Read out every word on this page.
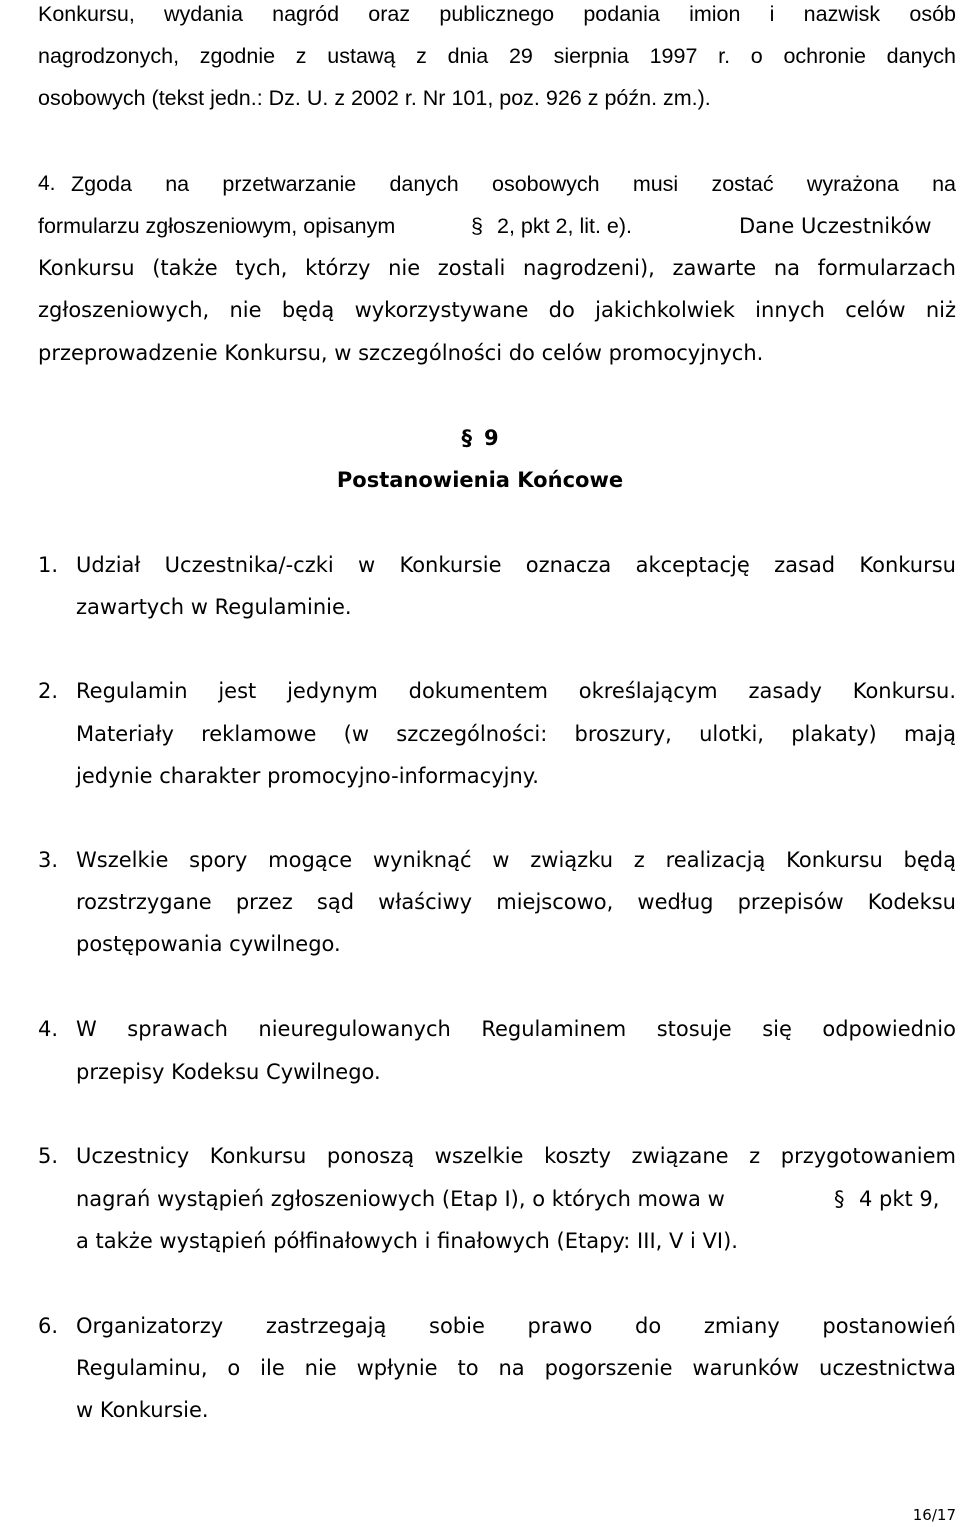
Konkursu, wydania nagród oraz publicznego podania imion i nazwisk osób
nagrodzonych, zgodnie z ustawą z dnia 29 sierpnia 1997 r. o ochronie danych
osobowych (tekst jedn.: Dz. U. z 2002 r. Nr 101, poz. 926 z późn. zm.).
4. Zgoda na przetwarzanie danych osobowych musi zostać wyrażona na
formularzu zgłoszeniowym, opisanym	§ 2, pkt 2, lit. e).	Dane Uczestników
Konkursu (także tych, którzy nie zostali nagrodzeni), zawarte na formularzach
zgłoszeniowych, nie będą wykorzystywane do jakichkolwiek innych celów niż
przeprowadzenie Konkursu, w szczególności do celów promocyjnych.
§ 9
Postanowienia Końcowe
1. Udział Uczestnika/-czki w Konkursie oznacza akceptację zasad Konkursu
zawartych w Regulaminie.
2. Regulamin jest jedynym dokumentem określającym zasady Konkursu.
Materiały reklamowe (w szczególności: broszury, ulotki, plakaty) mają
jedynie charakter promocyjno-informacyjny.
3. Wszelkie spory mogące wyniknąć w związku z realizacją Konkursu będą
rozstrzygane przez sąd właściwy miejscowo, według przepisów Kodeksu
postępowania cywilnego.
4. W sprawach nieuregulowanych Regulaminem stosuje się odpowiednio
przepisy Kodeksu Cywilnego.
5. Uczestnicy Konkursu ponoszą wszelkie koszty związane z przygotowaniem
nagrań wystąpień zgłoszeniowych (Etap I), o których mowa w	§ 4 pkt 9,
a także wystąpień półfinałowych i finałowych (Etapy: III, V i VI).
6. Organizatorzy zastrzegają sobie prawo do zmiany postanowień
Regulaminu, o ile nie wpłynie to na pogorszenie warunków uczestnictwa
w Konkursie.
16/17
